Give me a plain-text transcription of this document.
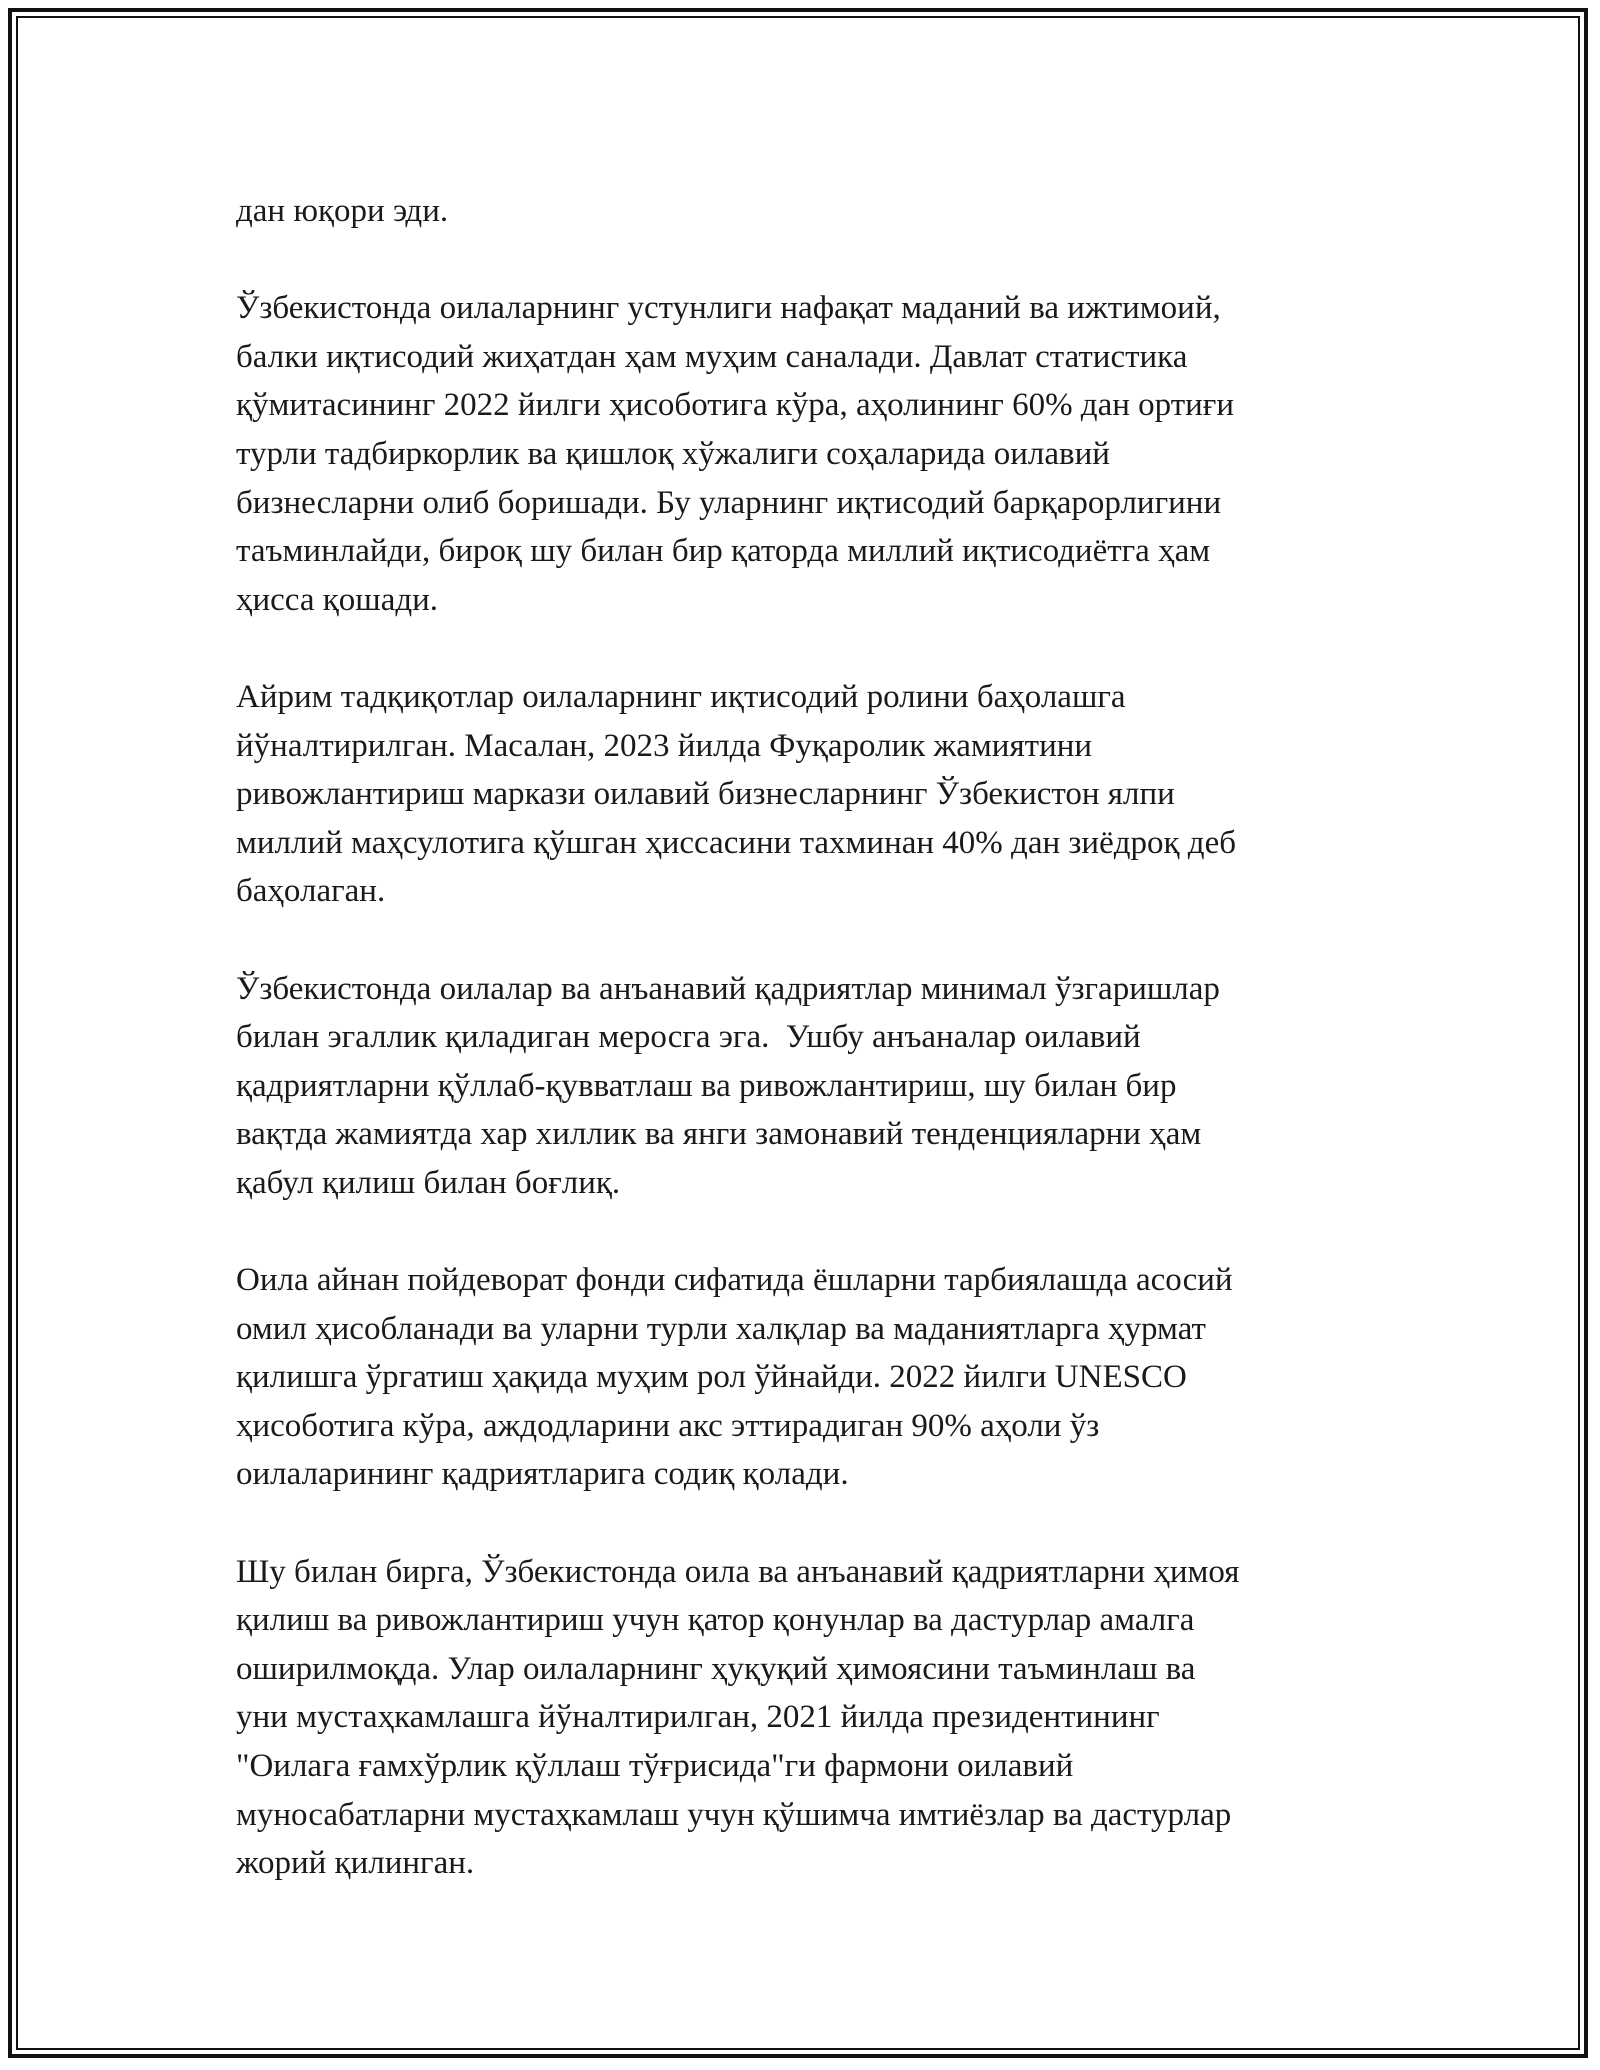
дан юқори эди.

Ўзбекистонда оилаларнинг устунлиги нафақат маданий ва ижтимоий,
балки иқтисодий жиҳатдан ҳам муҳим саналади. Давлат статистика
қўмитасининг 2022 йилги ҳисоботига кўра, аҳолининг 60% дан ортиғи
турли тадбиркорлик ва қишлоқ хўжалиги соҳаларида оилавий
бизнесларни олиб боришади. Бу уларнинг иқтисодий барқарорлигини
таъминлайди, бироқ шу билан бир қаторда миллий иқтисодиётга ҳам
ҳисса қошади.

Айрим тадқиқотлар оилаларнинг иқтисодий ролини баҳолашга
йўналтирилган. Масалан, 2023 йилда Фуқаролик жамиятини
ривожлантириш маркази оилавий бизнесларнинг Ўзбекистон ялпи
миллий маҳсулотига қўшган ҳиссасини тахминан 40% дан зиёдроқ деб
баҳолаган.

Ўзбекистонда оилалар ва анъанавий қадриятлар минимал ўзгаришлар
билан эгаллик қиладиган меросга эга.  Ушбу анъаналар оилавий
қадриятларни қўллаб-қувватлаш ва ривожлантириш, шу билан бир
вақтда жамиятда хар хиллик ва янги замонавий тенденцияларни ҳам
қабул қилиш билан боғлиқ.

Оила айнан пойдеворат фонди сифатида ёшларни тарбиялашда асосий
омил ҳисобланади ва уларни турли халқлар ва маданиятларга ҳурмат
қилишга ўргатиш ҳақида муҳим рол ўйнайди. 2022 йилги UNESCO
ҳисоботига кўра, аждодларини акс эттирадиган 90% аҳоли ўз
оилаларининг қадриятларига содиқ қолади.

Шу билан бирга, Ўзбекистонда оила ва анъанавий қадриятларни ҳимоя
қилиш ва ривожлантириш учун қатор қонунлар ва дастурлар амалга
оширилмоқда. Улар оилаларнинг ҳуқуқий ҳимоясини таъминлаш ва
уни мустаҳкамлашга йўналтирилган, 2021 йилда президентининг
"Оилага ғамхўрлик қўллаш тўғрисида"ги фармони оилавий
муносабатларни мустаҳкамлаш учун қўшимча имтиёзлар ва дастурлар
жорий қилинган.
